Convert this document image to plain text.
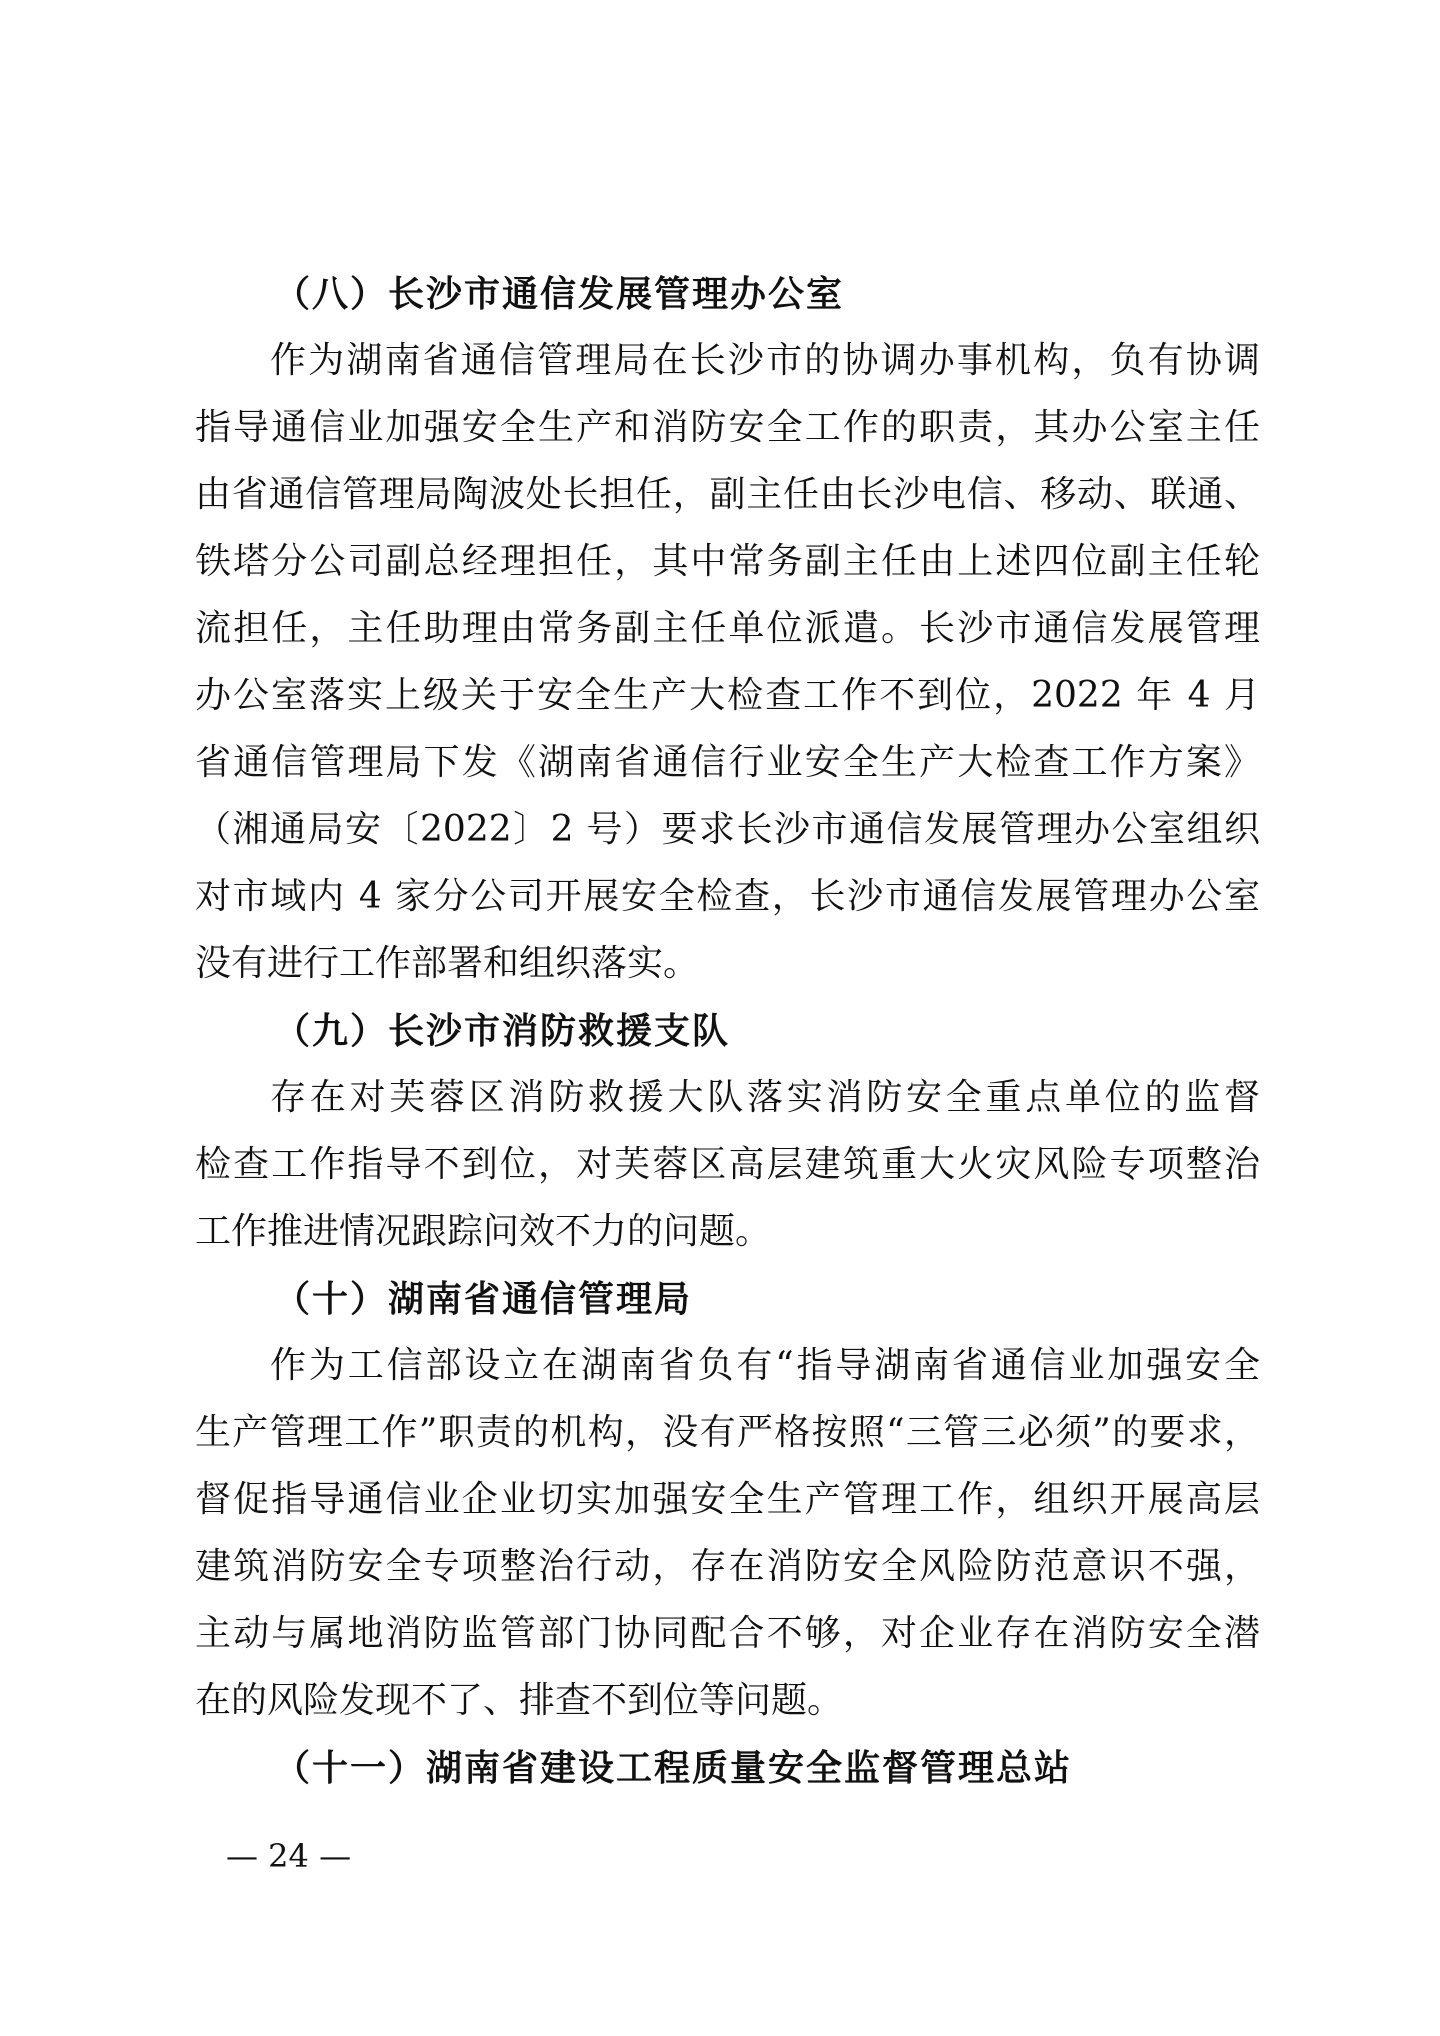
（八）长沙市通信发展管理办公室
作为湖南省通信管理局在长沙市的协调办事机构，负有协调
指导通信业加强安全生产和消防安全工作的职责，其办公室主任
由省通信管理局陶波处长担任，副主任由长沙电信、移动、联通、
铁塔分公司副总经理担任，其中常务副主任由上述四位副主任轮
流担任，主任助理由常务副主任单位派遣。长沙市通信发展管理
办公室落实上级关于安全生产大检查工作不到位，2022 年 4 月
省通信管理局下发《湖南省通信行业安全生产大检查工作方案》
（湘通局安〔2022〕2 号）要求长沙市通信发展管理办公室组织
对市域内 4 家分公司开展安全检查，长沙市通信发展管理办公室
没有进行工作部署和组织落实。
（九）长沙市消防救援支队
存在对芙蓉区消防救援大队落实消防安全重点单位的监督
检查工作指导不到位，对芙蓉区高层建筑重大火灾风险专项整治
工作推进情况跟踪问效不力的问题。
（十）湖南省通信管理局
作为工信部设立在湖南省负有“指导湖南省通信业加强安全
生产管理工作”职责的机构，没有严格按照“三管三必须”的要求，
督促指导通信业企业切实加强安全生产管理工作，组织开展高层
建筑消防安全专项整治行动，存在消防安全风险防范意识不强，
主动与属地消防监管部门协同配合不够，对企业存在消防安全潜
在的风险发现不了、排查不到位等问题。
（十一）湖南省建设工程质量安全监督管理总站
— 24 —
